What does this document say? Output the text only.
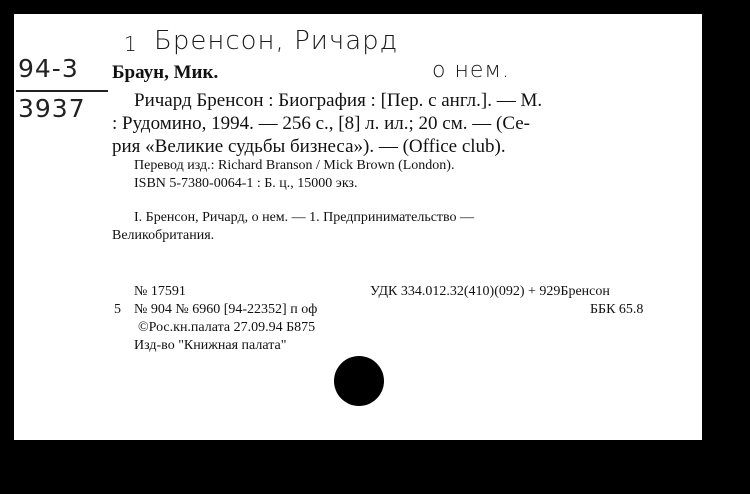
1 Бренсон, Ричард
о нем.
94-3
3937
Браун, Мик.
Ричард Бренсон : Биография : [Пер. с англ.]. — М.
: Рудомино, 1994. — 256 с., [8] л. ил.; 20 см. — (Се-
рия «Великие судьбы бизнеса»). — (Office club).
Перевод изд.: Richard Branson / Mick Brown (London).
ISBN 5-7380-0064-1 : Б. ц., 15000 экз.
I. Бренсон, Ричард, о нем. — 1. Предпринимательство —
Великобритания.
№ 17591	УДК 334.012.32(410)(092) + 929Бренсон
5 № 904 № 6960 [94-22352] п оф	ББК 65.8
©Рос.кн.палата 27.09.94 Б875
Изд-во "Книжная палата"
